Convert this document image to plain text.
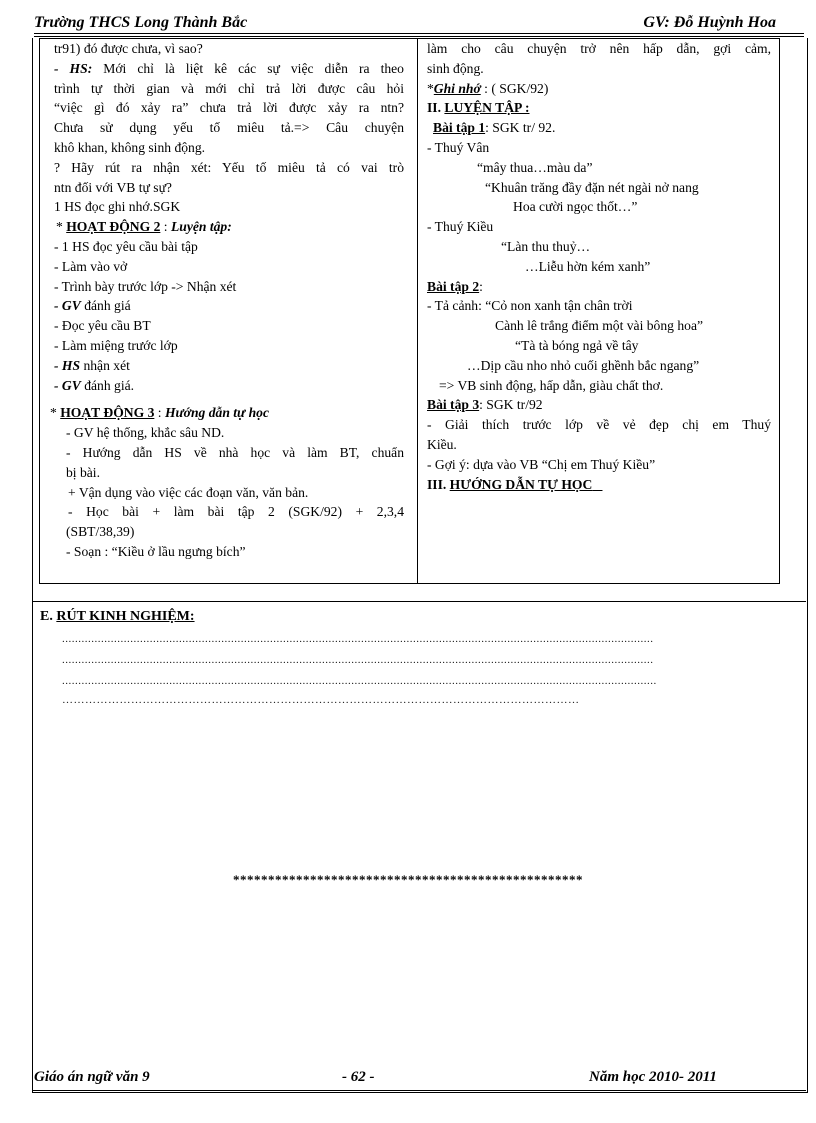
Trường THCS Long Thành Bắc	GV: Đỗ Huỳnh Hoa

tr91) đó được chưa, vì sao?

- HS: Mới chỉ là liệt kê các sự việc diễn ra theo

trình tự thời gian và mới chỉ trả lời được câu hỏi

“việc gì đó xảy ra” chưa trả lời được xảy ra ntn?

Chưa sử dụng yếu tố miêu tả.=> Câu chuyện

khô khan, không sinh động.

? Hãy rút ra nhận xét: Yếu tố miêu tả có vai trò

ntn đối với VB tự sự?

1 HS đọc ghi nhớ.SGK

* HOẠT ĐỘNG 2 : Luyện tập:

- 1 HS đọc yêu cầu bài tập

- Làm vào vở

- Trình bày trước lớp -> Nhận xét

- GV đánh giá

- Đọc yêu cầu BT

- Làm miệng trước lớp

- HS nhận xét

- GV đánh giá.

* HOẠT ĐỘNG 3 : Hướng dẫn tự học

- GV hệ thống, khắc sâu ND.

- Hướng dẫn HS về nhà học và làm BT, chuẩn

bị bài.

+ Vận dụng vào việc các đoạn văn, văn bản.

- Học bài + làm bài tập 2 (SGK/92) + 2,3,4

(SBT/38,39)

- Soạn : “Kiều ở lầu ngưng bích”

làm cho câu chuyện trở nên hấp dẫn, gợi cảm,

sinh động.

*Ghi nhớ : ( SGK/92)

II. LUYỆN TẬP :

Bài tập 1: SGK tr/ 92.

- Thuý Vân

“mây thua…màu da”

“Khuân trăng đầy đặn nét ngài nở nang

Hoa cười ngọc thốt…”

- Thuý Kiều

“Làn thu thuỷ…

…Liễu hờn kém xanh”

Bài tập 2:

- Tả cảnh: “Cỏ non xanh tận chân trời

Cành lê trắng điểm một vài bông hoa”

“Tà tà bóng ngả về tây

…Dịp cầu nho nhỏ cuối ghềnh bắc ngang”

=> VB sinh động, hấp dẫn, giàu chất thơ.

Bài tập 3: SGK tr/92

- Giải thích trước lớp về vẻ đẹp chị em Thuý

Kiều.

- Gợi ý: dựa vào VB “Chị em Thuý Kiều”

III. HƯỚNG DẪN TỰ HỌC

E. RÚT KINH NGHIỆM:
......................................................................................................................................................................................
......................................................................................................................................................................................
.......................................................................................................................................................................................
………………………………………………………………………………………………………………………
**************************************************
Giáo án ngữ văn 9	- 62 -	Năm học 2010- 2011
